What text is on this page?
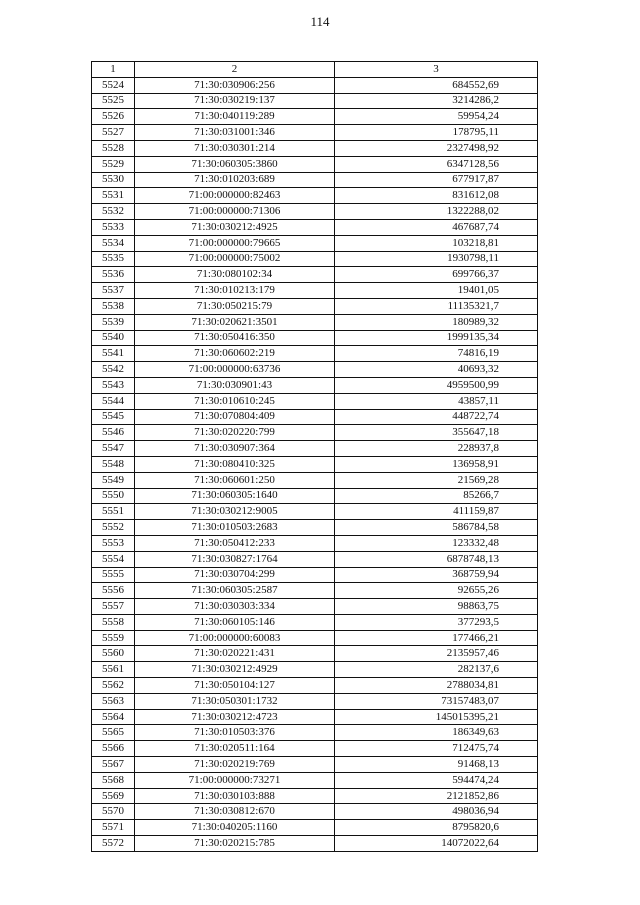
114
1	2	3
5524	71:30:030906:256	684552,69
5525	71:30:030219:137	3214286,2
5526	71:30:040119:289	59954,24
5527	71:30:031001:346	178795,11
5528	71:30:030301:214	2327498,92
5529	71:30:060305:3860	6347128,56
5530	71:30:010203:689	677917,87
5531	71:00:000000:82463	831612,08
5532	71:00:000000:71306	1322288,02
5533	71:30:030212:4925	467687,74
5534	71:00:000000:79665	103218,81
5535	71:00:000000:75002	1930798,11
5536	71:30:080102:34	699766,37
5537	71:30:010213:179	19401,05
5538	71:30:050215:79	11135321,7
5539	71:30:020621:3501	180989,32
5540	71:30:050416:350	1999135,34
5541	71:30:060602:219	74816,19
5542	71:00:000000:63736	40693,32
5543	71:30:030901:43	4959500,99
5544	71:30:010610:245	43857,11
5545	71:30:070804:409	448722,74
5546	71:30:020220:799	355647,18
5547	71:30:030907:364	228937,8
5548	71:30:080410:325	136958,91
5549	71:30:060601:250	21569,28
5550	71:30:060305:1640	85266,7
5551	71:30:030212:9005	411159,87
5552	71:30:010503:2683	586784,58
5553	71:30:050412:233	123332,48
5554	71:30:030827:1764	6878748,13
5555	71:30:030704:299	368759,94
5556	71:30:060305:2587	92655,26
5557	71:30:030303:334	98863,75
5558	71:30:060105:146	377293,5
5559	71:00:000000:60083	177466,21
5560	71:30:020221:431	2135957,46
5561	71:30:030212:4929	282137,6
5562	71:30:050104:127	2788034,81
5563	71:30:050301:1732	73157483,07
5564	71:30:030212:4723	145015395,21
5565	71:30:010503:376	186349,63
5566	71:30:020511:164	712475,74
5567	71:30:020219:769	91468,13
5568	71:00:000000:73271	594474,24
5569	71:30:030103:888	2121852,86
5570	71:30:030812:670	498036,94
5571	71:30:040205:1160	8795820,6
5572	71:30:020215:785	14072022,64
